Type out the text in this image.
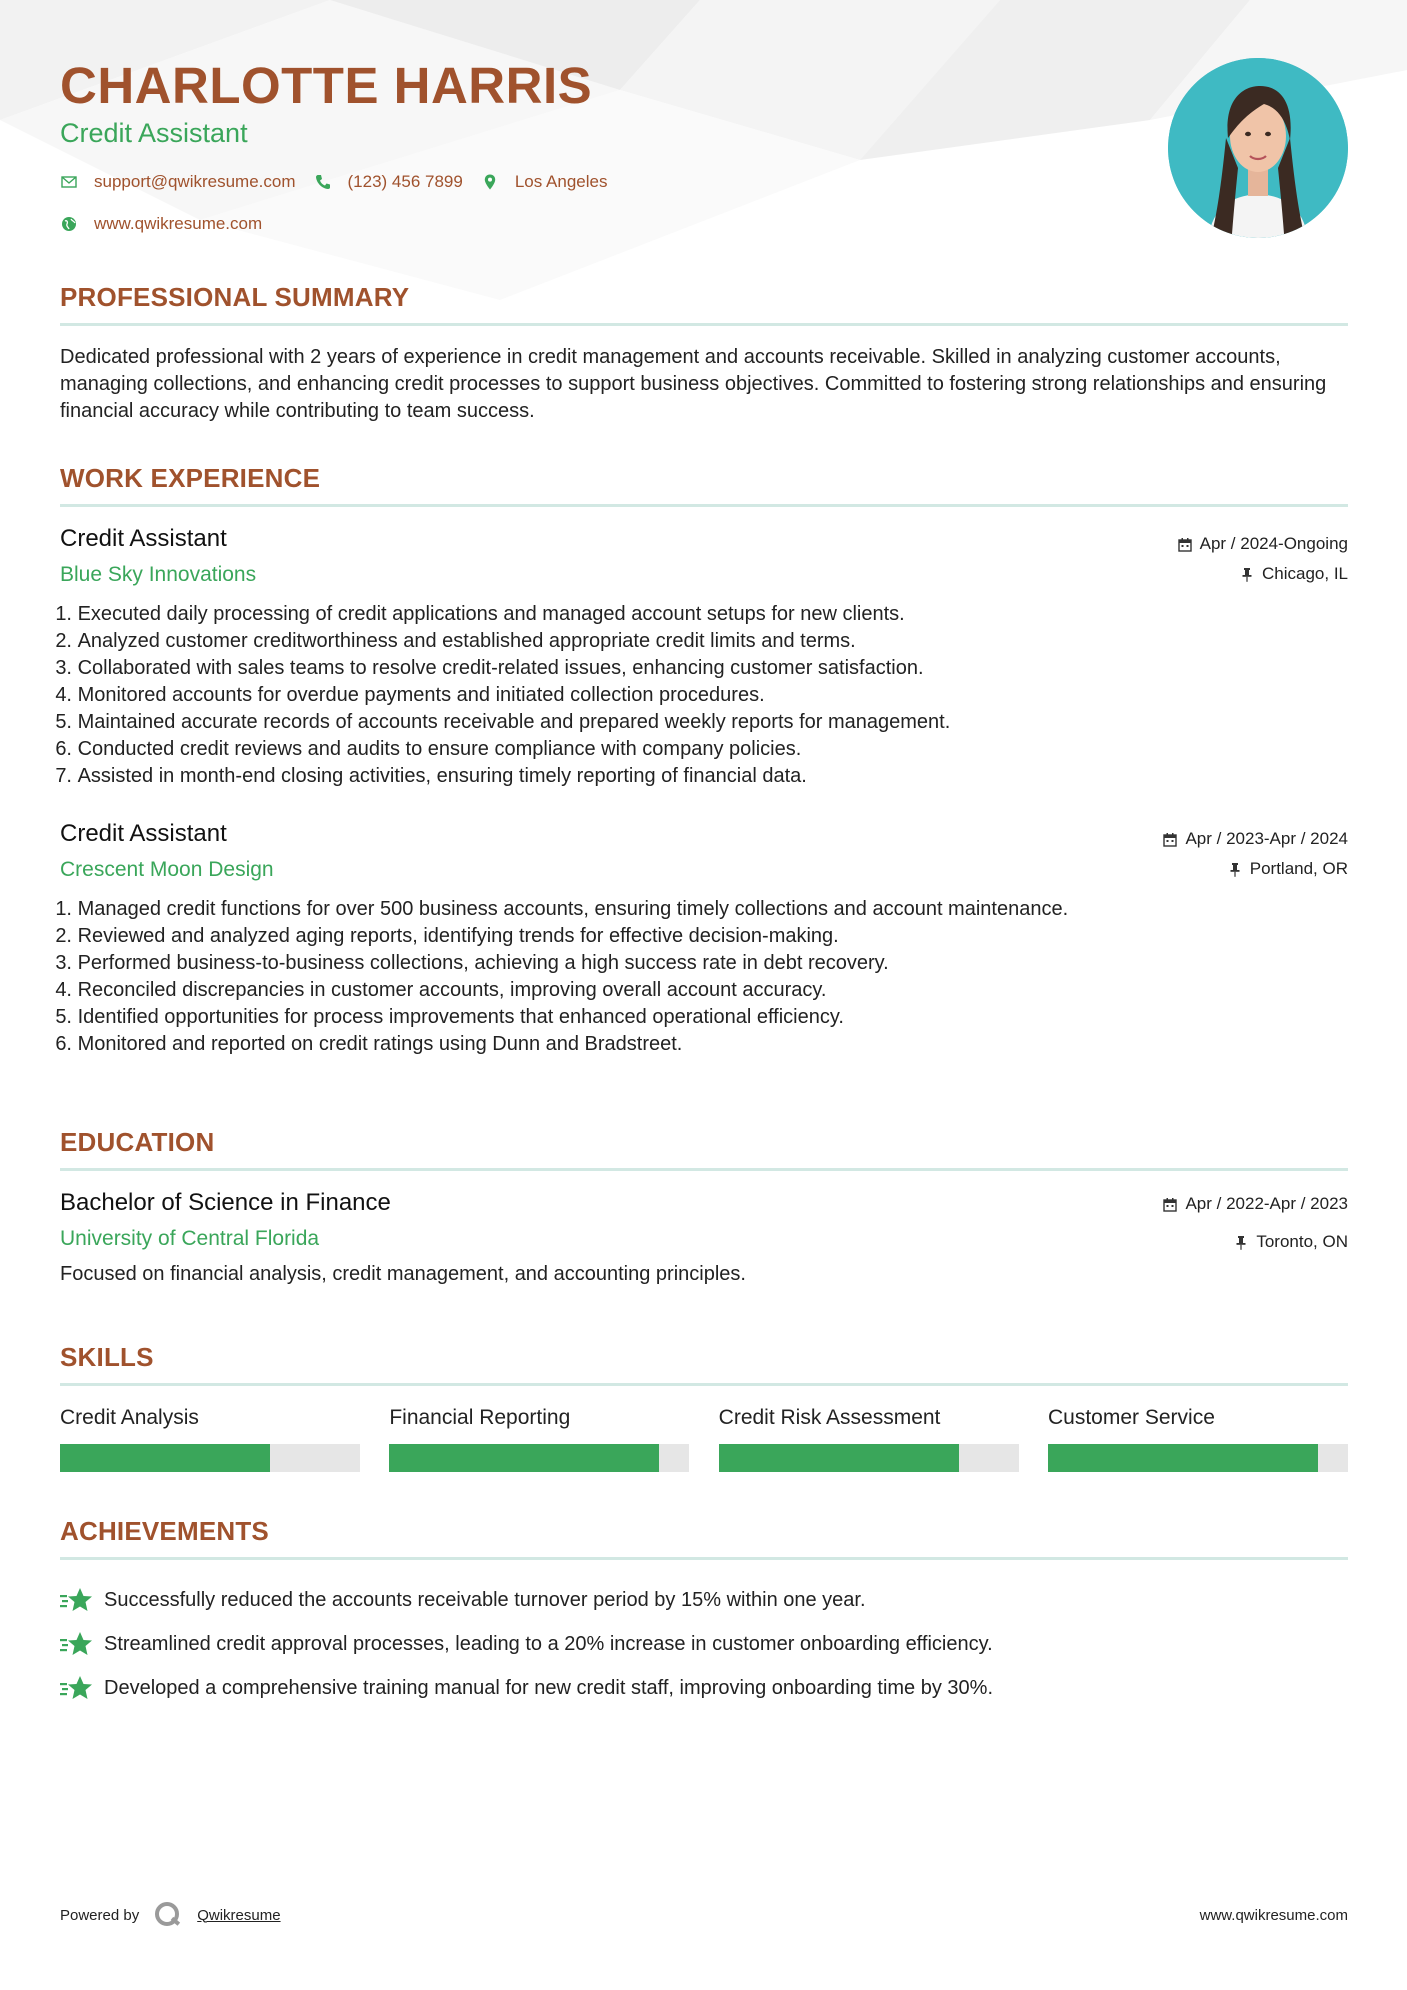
CHARLOTTE HARRIS
Credit Assistant
support@qwikresume.com	(123) 456 7899	Los Angeles
www.qwikresume.com
PROFESSIONAL SUMMARY
Dedicated professional with 2 years of experience in credit management and accounts receivable. Skilled in analyzing customer accounts, managing collections, and enhancing credit processes to support business objectives. Committed to fostering strong relationships and ensuring financial accuracy while contributing to team success.
WORK EXPERIENCE
Credit Assistant
Blue Sky Innovations
Apr / 2024-Ongoing
Chicago, IL
1.
Executed daily processing of credit applications and managed account setups for new clients.
2.
Analyzed customer creditworthiness and established appropriate credit limits and terms.
3.
Collaborated with sales teams to resolve credit-related issues, enhancing customer satisfaction.
4.
Monitored accounts for overdue payments and initiated collection procedures.
5.
Maintained accurate records of accounts receivable and prepared weekly reports for management.
6.
Conducted credit reviews and audits to ensure compliance with company policies.
7.
Assisted in month-end closing activities, ensuring timely reporting of financial data.
Credit Assistant
Crescent Moon Design
Apr / 2023-Apr / 2024
Portland, OR
1.
Managed credit functions for over 500 business accounts, ensuring timely collections and account maintenance.
2.
Reviewed and analyzed aging reports, identifying trends for effective decision-making.
3.
Performed business-to-business collections, achieving a high success rate in debt recovery.
4.
Reconciled discrepancies in customer accounts, improving overall account accuracy.
5.
Identified opportunities for process improvements that enhanced operational efficiency.
6.
Monitored and reported on credit ratings using Dunn and Bradstreet.
EDUCATION
Bachelor of Science in Finance
University of Central Florida
Apr / 2022-Apr / 2023
Toronto, ON
Focused on financial analysis, credit management, and accounting principles.
SKILLS
Credit Analysis	Financial Reporting	Credit Risk Assessment	Customer Service
ACHIEVEMENTS
Successfully reduced the accounts receivable turnover period by 15% within one year.
Streamlined credit approval processes, leading to a 20% increase in customer onboarding efficiency.
Developed a comprehensive training manual for new credit staff, improving onboarding time by 30%.
Powered by	Qwikresume	www.qwikresume.com
